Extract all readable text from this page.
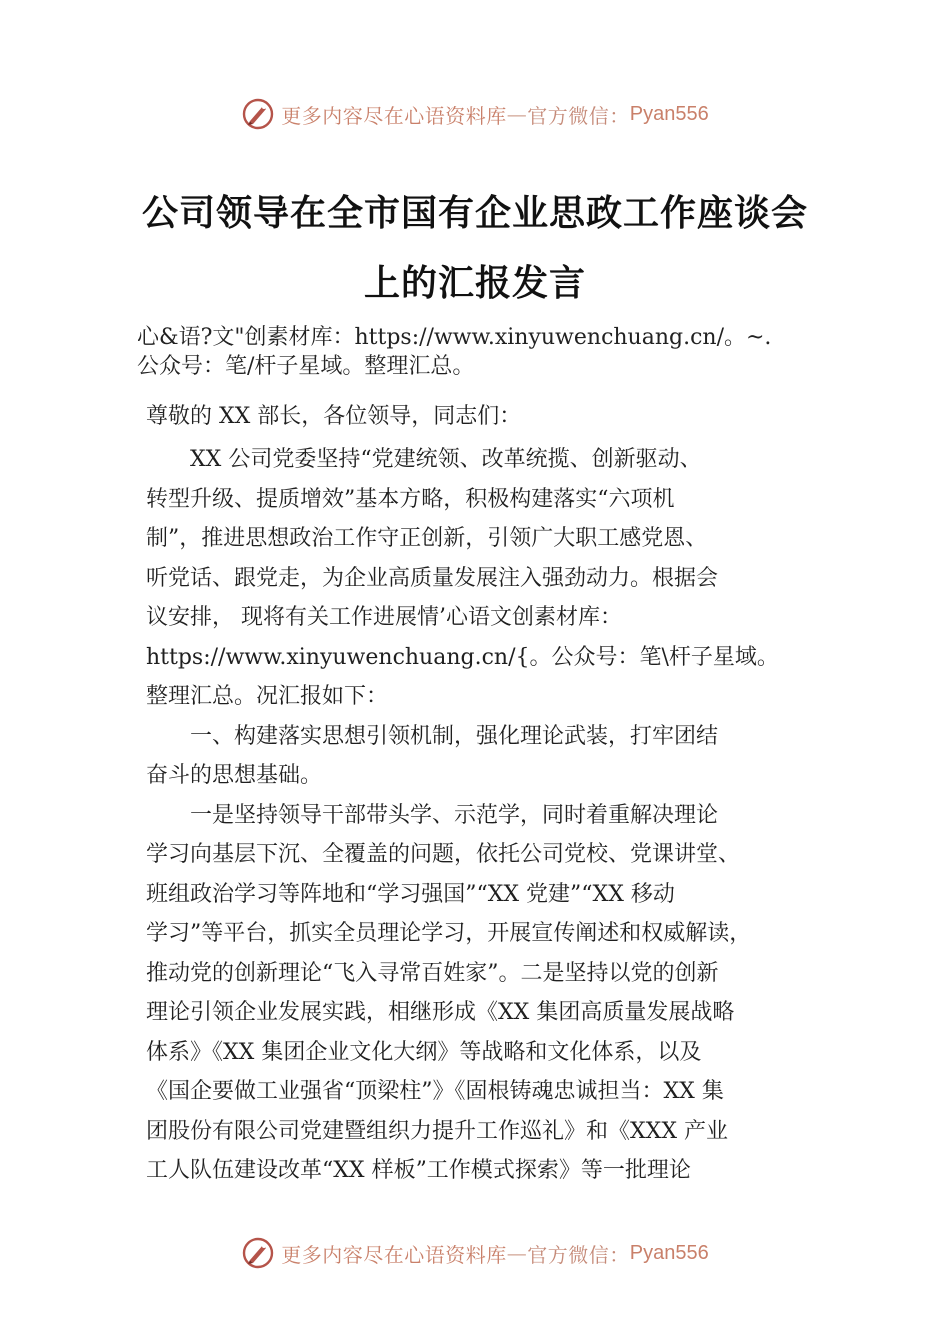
更多内容尽在心语资料库 — 官方微信： Pyan556
公司领导在全市国有企业思政工作座谈会
上的汇报发言
心&语?文"创素材库：https://www.xinyuwenchuang.cn/。~.
公众号：笔/杆子星域。整理汇总。
尊敬的 XX 部长，各位领导，同志们：
　　XX 公司党委坚持“党建统领、改革统揽、创新驱动、
转型升级、提质增效”基本方略，积极构建落实“六项机
制”，推进思想政治工作守正创新，引领广大职工感党恩、
听党话、跟党走，为企业高质量发展注入强劲动力。根据会
议安排， 现将有关工作进展情’心语文创素材库：
https://www.xinyuwenchuang.cn/{。公众号：笔\杆子星域。
整理汇总。况汇报如下：
　　一、构建落实思想引领机制，强化理论武装，打牢团结
奋斗的思想基础。
　　一是坚持领导干部带头学、示范学，同时着重解决理论
学习向基层下沉、全覆盖的问题，依托公司党校、党课讲堂、
班组政治学习等阵地和“学习强国”“XX 党建”“XX 移动
学习”等平台，抓实全员理论学习，开展宣传阐述和权威解读，
推动党的创新理论“飞入寻常百姓家”。二是坚持以党的创新
理论引领企业发展实践，相继形成《XX 集团高质量发展战略
体系》《XX 集团企业文化大纲》等战略和文化体系，以及
《国企要做工业强省“顶梁柱”》《固根铸魂忠诚担当：XX 集
团股份有限公司党建暨组织力提升工作巡礼》和《XXX 产业
工人队伍建设改革“XX 样板”工作模式探索》等一批理论
更多内容尽在心语资料库 — 官方微信： Pyan556
